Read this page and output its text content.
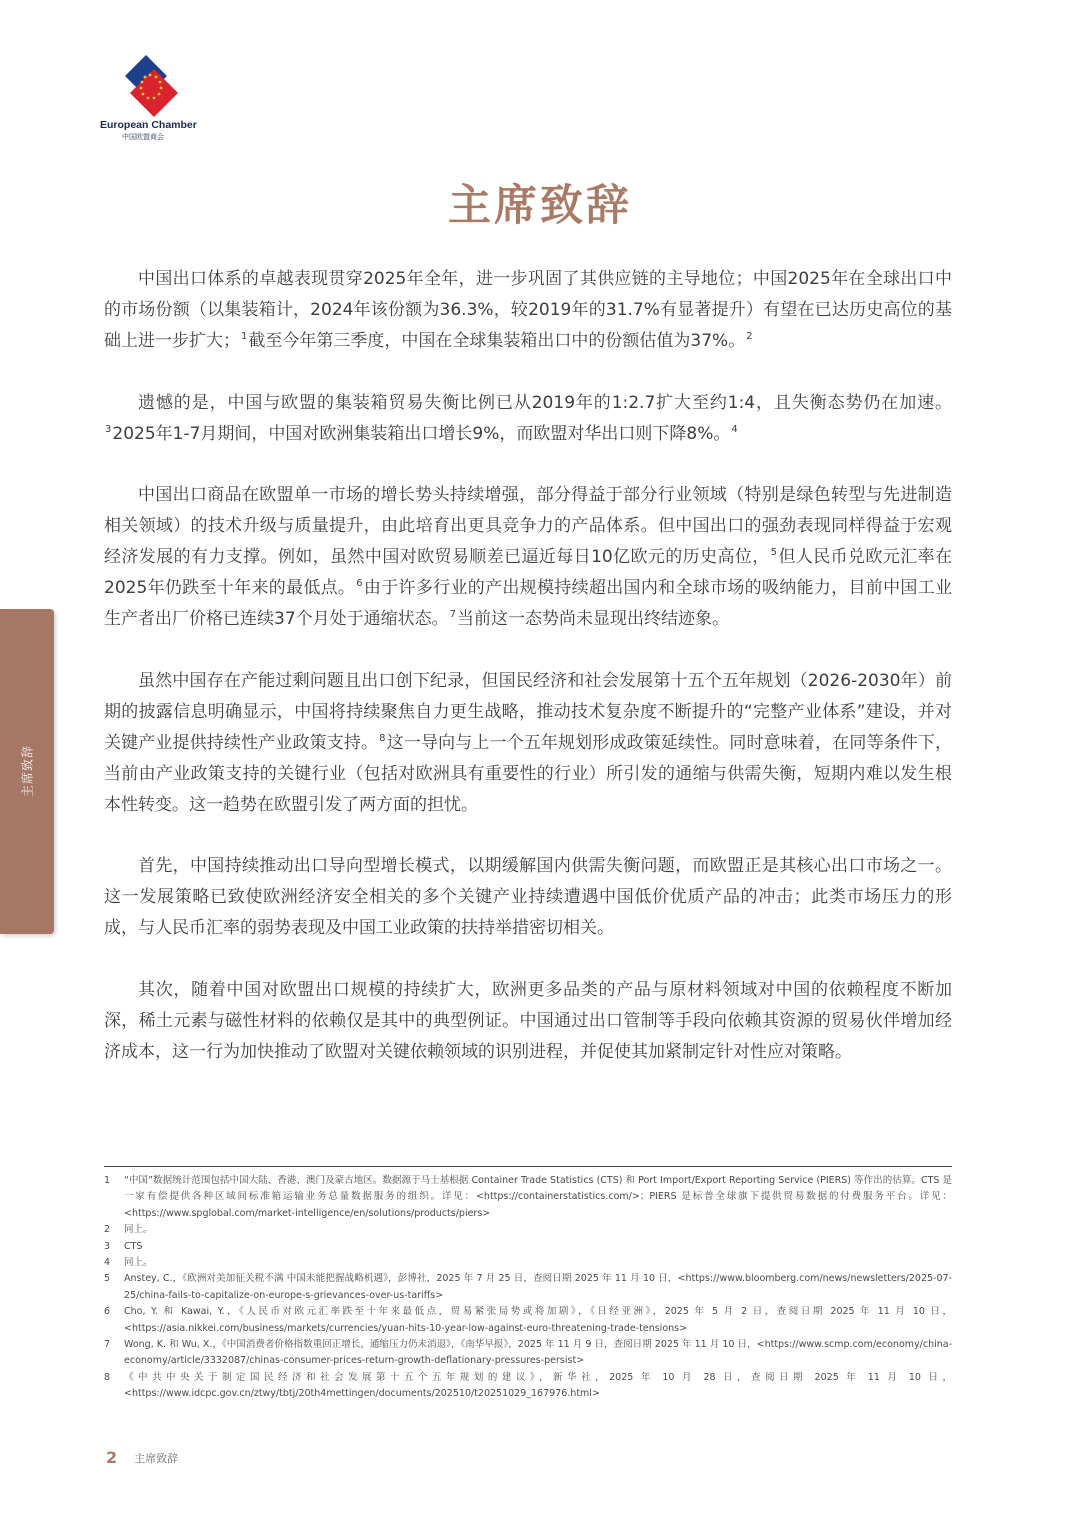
European Chamber
中国欧盟商会
主席致辞

中国出口体系的卓越表现贯穿2025年全年，进一步巩固了其供应链的主导地位；中国2025年在全球出口中的市场份额（以集装箱计，2024年该份额为36.3%，较2019年的31.7%有显著提升）有望在已达历史高位的基础上进一步扩大；$^1$截至今年第三季度，中国在全球集装箱出口中的份额估值为37%。$^2$

遗憾的是，中国与欧盟的集装箱贸易失衡比例已从2019年的1:2.7扩大至约1:4，且失衡态势仍在加速。$^3$2025年1-7月期间，中国对欧洲集装箱出口增长9%，而欧盟对华出口则下降8%。$^4$

中国出口商品在欧盟单一市场的增长势头持续增强，部分得益于部分行业领域（特别是绿色转型与先进制造相关领域）的技术升级与质量提升，由此培育出更具竞争力的产品体系。但中国出口的强劲表现同样得益于宏观经济发展的有力支撑。例如，虽然中国对欧贸易顺差已逼近每日10亿欧元的历史高位，$^5$但人民币兑欧元汇率在2025年仍跌至十年来的最低点。$^6$由于许多行业的产出规模持续超出国内和全球市场的吸纳能力，目前中国工业生产者出厂价格已连续37个月处于通缩状态。$^7$当前这一态势尚未显现出终结迹象。

虽然中国存在产能过剩问题且出口创下纪录，但国民经济和社会发展第十五个五年规划（2026-2030年）前期的披露信息明确显示，中国将持续聚焦自力更生战略，推动技术复杂度不断提升的“完整产业体系”建设，并对关键产业提供持续性产业政策支持。$^8$这一导向与上一个五年规划形成政策延续性。同时意味着，在同等条件下，当前由产业政策支持的关键行业（包括对欧洲具有重要性的行业）所引发的通缩与供需失衡，短期内难以发生根本性转变。这一趋势在欧盟引发了两方面的担忧。

首先，中国持续推动出口导向型增长模式，以期缓解国内供需失衡问题，而欧盟正是其核心出口市场之一。这一发展策略已致使欧洲经济安全相关的多个关键产业持续遭遇中国低价优质产品的冲击；此类市场压力的形成，与人民币汇率的弱势表现及中国工业政策的扶持举措密切相关。

其次，随着中国对欧盟出口规模的持续扩大，欧洲更多品类的产品与原材料领域对中国的依赖程度不断加深，稀土元素与磁性材料的依赖仅是其中的典型例证。中国通过出口管制等手段向依赖其资源的贸易伙伴增加经济成本，这一行为加快推动了欧盟对关键依赖领域的识别进程，并促使其加紧制定针对性应对策略。

主席致辞
1 “中国”数据统计范围包括中国大陆、香港、澳门及蒙古地区。数据源于马士基根据 Container Trade Statistics (CTS) 和 Port Import/Export Reporting Service (PIERS) 等作出的估算。CTS 是一家有偿提供各种区域间标准箱运输业务总量数据服务的组织。详见：<https://containerstatistics.com/>；PIERS 是标普全球旗下提供贸易数据的付费服务平台。详见：<https://www.spglobal.com/market-intelligence/en/solutions/products/piers>
2 同上。
3 CTS
4 同上。
5 Anstey, C.，《欧洲对美加征关税不满 中国未能把握战略机遇》，彭博社，2025 年 7 月 25 日，查阅日期 2025 年 11 月 10 日，<https://www.bloomberg.com/news/newsletters/2025-07-25/china-fails-to-capitalize-on-europe-s-grievances-over-us-tariffs>
6 Cho, Y. 和 Kawai, Y.，《人民币对欧元汇率跌至十年来最低点，贸易紧张局势或将加剧》，《日经亚洲》，2025 年 5 月 2 日，查阅日期 2025 年 11 月 10 日，<https://asia.nikkei.com/business/markets/currencies/yuan-hits-10-year-low-against-euro-threatening-trade-tensions>
7 Wong, K. 和 Wu, X.，《中国消费者价格指数重回正增长，通缩压力仍未消退》，《南华早报》，2025 年 11 月 9 日，查阅日期 2025 年 11 月 10 日，<https://www.scmp.com/economy/china-economy/article/3332087/chinas-consumer-prices-return-growth-deflationary-pressures-persist>
8 《中共中央关于制定国民经济和社会发展第十五个五年规划的建议》，新华社，2025 年 10 月 28 日，查阅日期 2025 年 11 月 10 日，<https://www.idcpc.gov.cn/ztwy/tbtj/20th4mettingen/documents/202510/t20251029_167976.html>
2 主席致辞
